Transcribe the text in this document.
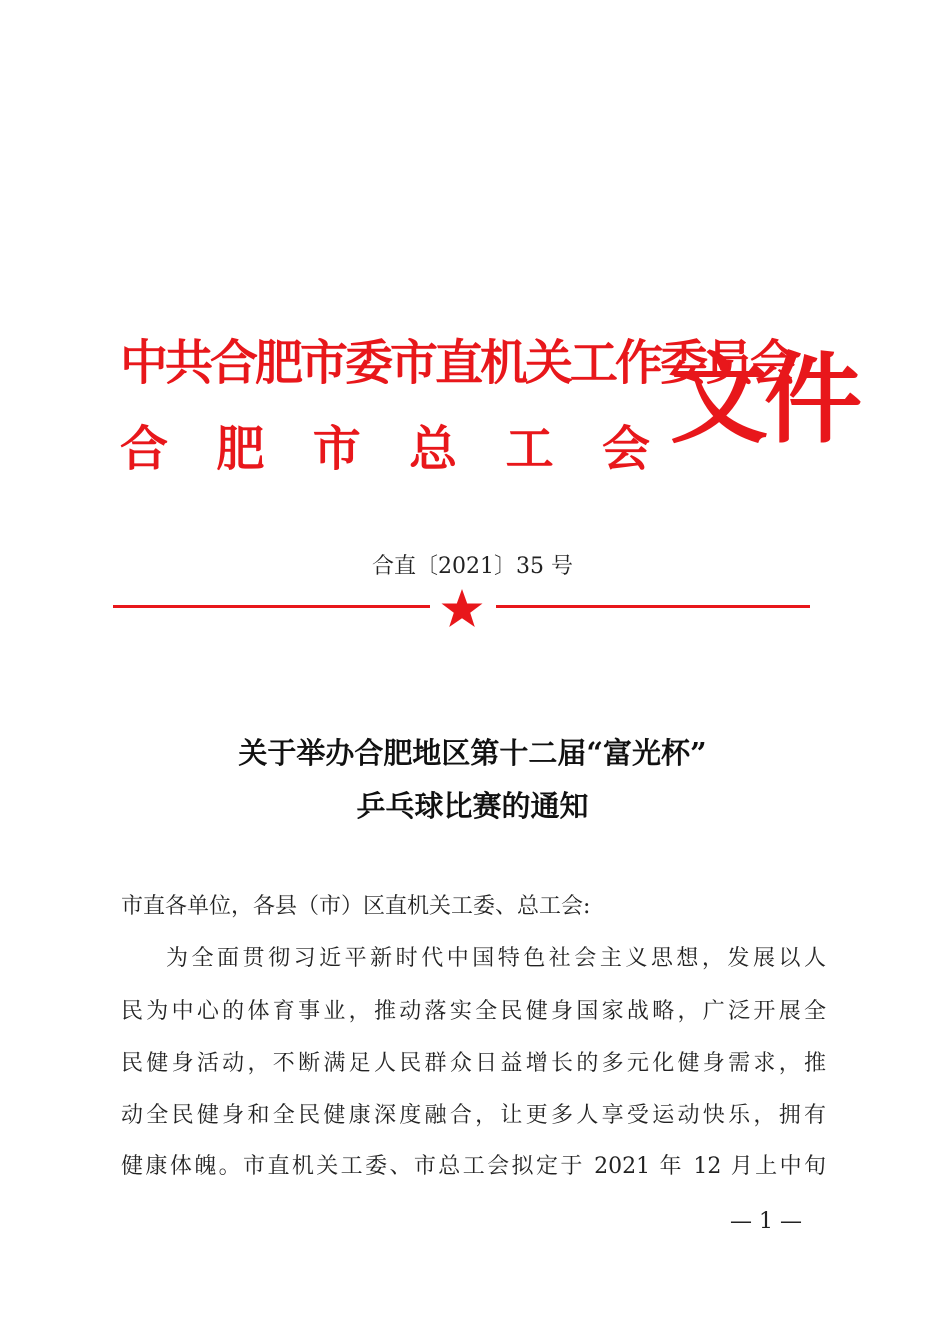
中共合肥市委市直机关工作委员会
合 肥 市 总 工 会 文件
合直〔2021〕35 号
关于举办合肥地区第十二届“富光杯”
乒乓球比赛的通知
市直各单位，各县（市）区直机关工委、总工会:
为全面贯彻习近平新时代中国特色社会主义思想，发展以人
民为中心的体育事业，推动落实全民健身国家战略，广泛开展全
民健身活动，不断满足人民群众日益增长的多元化健身需求，推
动全民健身和全民健康深度融合，让更多人享受运动快乐，拥有
健康体魄。市直机关工委、市总工会拟定于 2021 年 12 月上中旬
— 1 —
